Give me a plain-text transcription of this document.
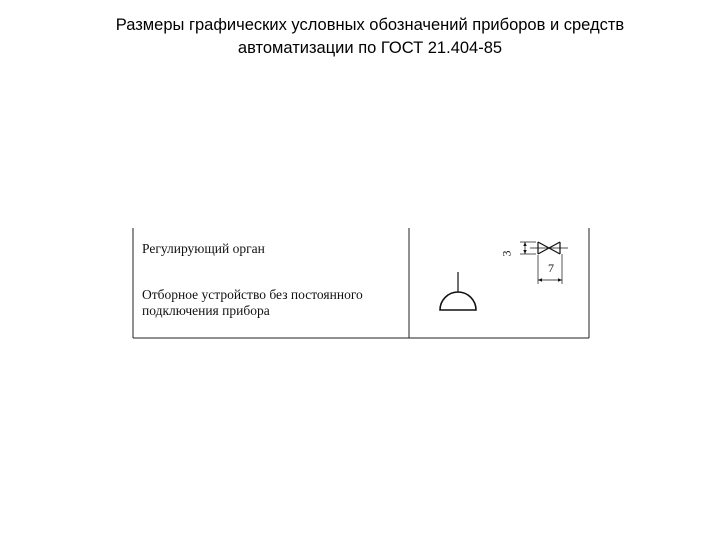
Размеры графических условных обозначений приборов и средств
автоматизации по ГОСТ 21.404-85
Регулирующий орган
Отборное устройство без постоянного
подключения прибора
3
7
